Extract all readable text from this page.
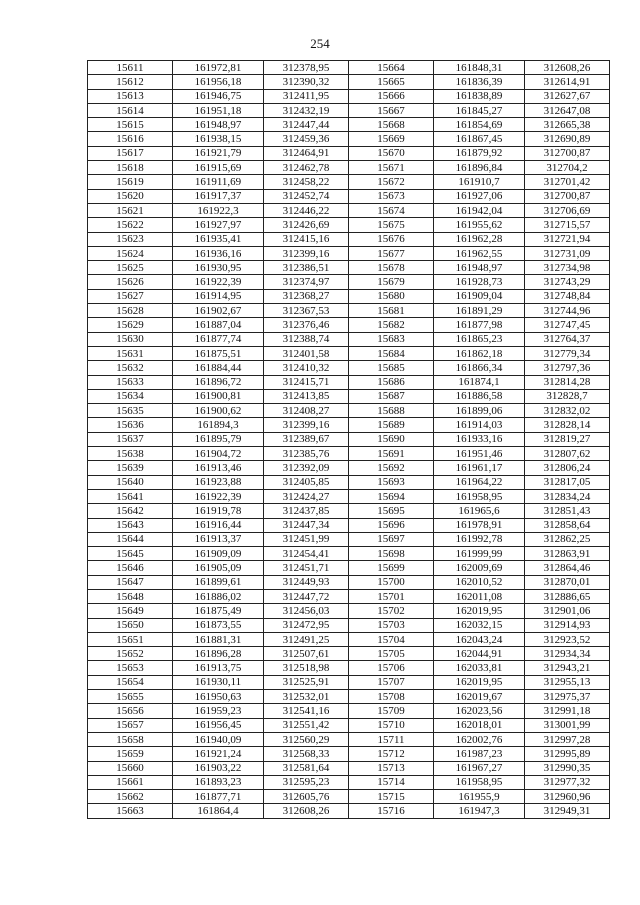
254
15611	161972,81	312378,95	15664	161848,31	312608,26
15612	161956,18	312390,32	15665	161836,39	312614,91
15613	161946,75	312411,95	15666	161838,89	312627,67
15614	161951,18	312432,19	15667	161845,27	312647,08
15615	161948,97	312447,44	15668	161854,69	312665,38
15616	161938,15	312459,36	15669	161867,45	312690,89
15617	161921,79	312464,91	15670	161879,92	312700,87
15618	161915,69	312462,78	15671	161896,84	312704,2
15619	161911,69	312458,22	15672	161910,7	312701,42
15620	161917,37	312452,74	15673	161927,06	312700,87
15621	161922,3	312446,22	15674	161942,04	312706,69
15622	161927,97	312426,69	15675	161955,62	312715,57
15623	161935,41	312415,16	15676	161962,28	312721,94
15624	161936,16	312399,16	15677	161962,55	312731,09
15625	161930,95	312386,51	15678	161948,97	312734,98
15626	161922,39	312374,97	15679	161928,73	312743,29
15627	161914,95	312368,27	15680	161909,04	312748,84
15628	161902,67	312367,53	15681	161891,29	312744,96
15629	161887,04	312376,46	15682	161877,98	312747,45
15630	161877,74	312388,74	15683	161865,23	312764,37
15631	161875,51	312401,58	15684	161862,18	312779,34
15632	161884,44	312410,32	15685	161866,34	312797,36
15633	161896,72	312415,71	15686	161874,1	312814,28
15634	161900,81	312413,85	15687	161886,58	312828,7
15635	161900,62	312408,27	15688	161899,06	312832,02
15636	161894,3	312399,16	15689	161914,03	312828,14
15637	161895,79	312389,67	15690	161933,16	312819,27
15638	161904,72	312385,76	15691	161951,46	312807,62
15639	161913,46	312392,09	15692	161961,17	312806,24
15640	161923,88	312405,85	15693	161964,22	312817,05
15641	161922,39	312424,27	15694	161958,95	312834,24
15642	161919,78	312437,85	15695	161965,6	312851,43
15643	161916,44	312447,34	15696	161978,91	312858,64
15644	161913,37	312451,99	15697	161992,78	312862,25
15645	161909,09	312454,41	15698	161999,99	312863,91
15646	161905,09	312451,71	15699	162009,69	312864,46
15647	161899,61	312449,93	15700	162010,52	312870,01
15648	161886,02	312447,72	15701	162011,08	312886,65
15649	161875,49	312456,03	15702	162019,95	312901,06
15650	161873,55	312472,95	15703	162032,15	312914,93
15651	161881,31	312491,25	15704	162043,24	312923,52
15652	161896,28	312507,61	15705	162044,91	312934,34
15653	161913,75	312518,98	15706	162033,81	312943,21
15654	161930,11	312525,91	15707	162019,95	312955,13
15655	161950,63	312532,01	15708	162019,67	312975,37
15656	161959,23	312541,16	15709	162023,56	312991,18
15657	161956,45	312551,42	15710	162018,01	313001,99
15658	161940,09	312560,29	15711	162002,76	312997,28
15659	161921,24	312568,33	15712	161987,23	312995,89
15660	161903,22	312581,64	15713	161967,27	312990,35
15661	161893,23	312595,23	15714	161958,95	312977,32
15662	161877,71	312605,76	15715	161955,9	312960,96
15663	161864,4	312608,26	15716	161947,3	312949,31
